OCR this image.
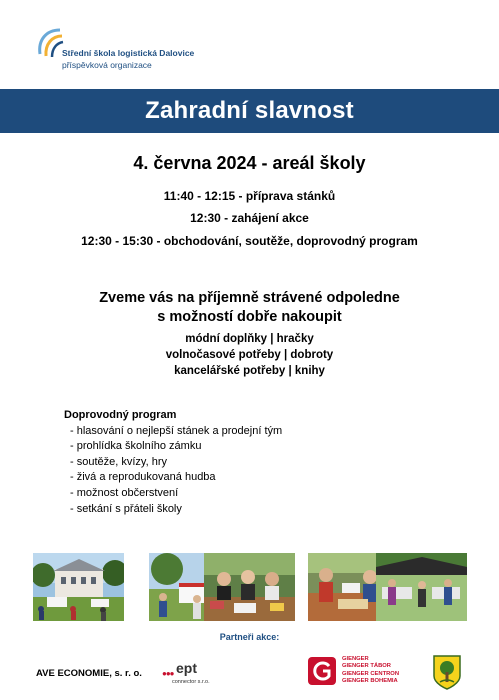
Střední škola logistická Dalovice
příspěvková organizace
Zahradní slavnost
4. června 2024 - areál školy
11:40 - 12:15 - příprava stánků
12:30 - zahájení akce
12:30 - 15:30 - obchodování, soutěže, doprovodný program
Zveme vás na příjemně strávené odpoledne
s možností dobře nakoupit
módní doplňky | hračky
volnočasové potřeby | dobroty
kancelářské potřeby | knihy
Doprovodný program
- hlasování o nejlepší stánek a prodejní tým
- prohlídka školního zámku
- soutěže, kvízy, hry
- živá a reprodukovaná hudba
- možnost občerstvení
- setkání s přáteli školy
Partneři akce:
AVE ECONOMIE, s. r. o.	●●● ept
connector s.r.o.
GIENGER
GIENGER TÁBOR
GIENGER CENTRON
GIENGER BOHEMIA
